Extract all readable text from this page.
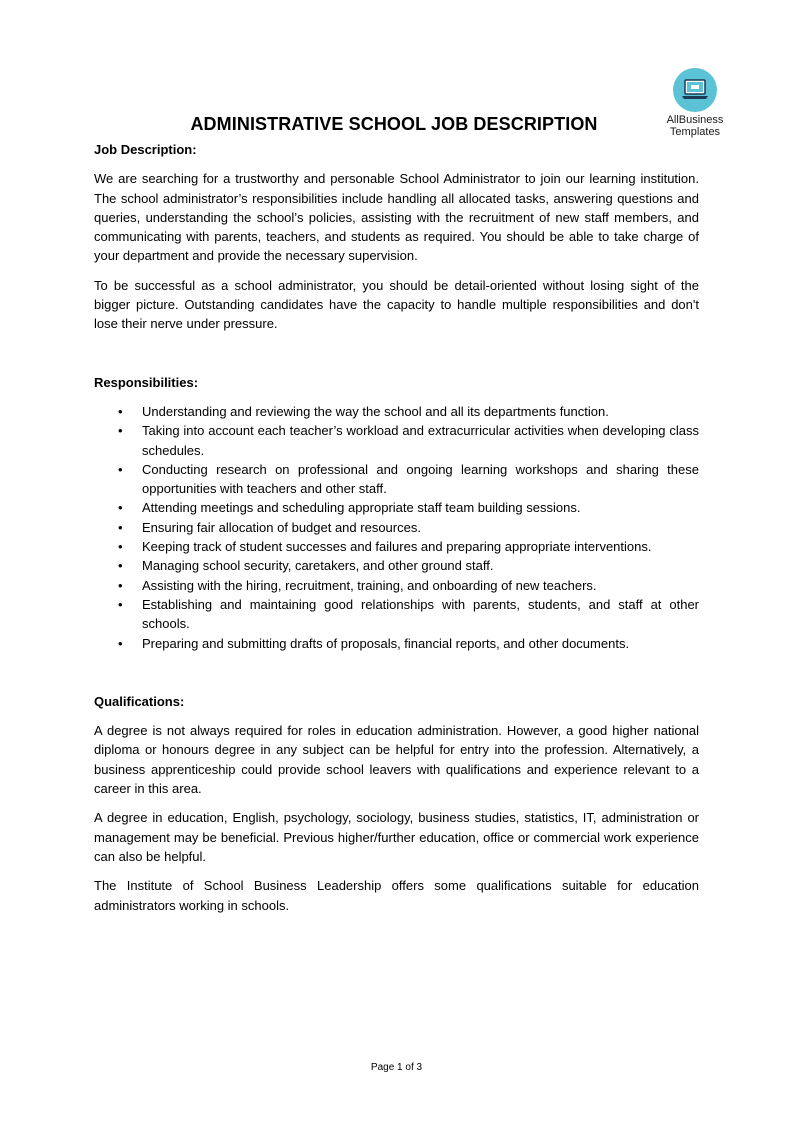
AllBusiness
Templates
ADMINISTRATIVE SCHOOL JOB DESCRIPTION
Job Description:

We are searching for a trustworthy and personable School Administrator to join our learning institution. The school administrator’s responsibilities include handling all allocated tasks, answering questions and queries, understanding the school’s policies, assisting with the recruitment of new staff members, and communicating with parents, teachers, and students as required. You should be able to take charge of your department and provide the necessary supervision.

To be successful as a school administrator, you should be detail-oriented without losing sight of the bigger picture. Outstanding candidates have the capacity to handle multiple responsibilities and don't lose their nerve under pressure.

Responsibilities:
• Understanding and reviewing the way the school and all its departments function.
• Taking into account each teacher’s workload and extracurricular activities when developing class schedules.
• Conducting research on professional and ongoing learning workshops and sharing these opportunities with teachers and other staff.
• Attending meetings and scheduling appropriate staff team building sessions.
• Ensuring fair allocation of budget and resources.
• Keeping track of student successes and failures and preparing appropriate interventions.
• Managing school security, caretakers, and other ground staff.
• Assisting with the hiring, recruitment, training, and onboarding of new teachers.
• Establishing and maintaining good relationships with parents, students, and staff at other schools.
• Preparing and submitting drafts of proposals, financial reports, and other documents.
Qualifications:

A degree is not always required for roles in education administration. However, a good higher national diploma or honours degree in any subject can be helpful for entry into the profession. Alternatively, a business apprenticeship could provide school leavers with qualifications and experience relevant to a career in this area.

A degree in education, English, psychology, sociology, business studies, statistics, IT, administration or management may be beneficial. Previous higher/further education, office or commercial work experience can also be helpful.

The Institute of School Business Leadership offers some qualifications suitable for education administrators working in schools.

Page 1 of 3
